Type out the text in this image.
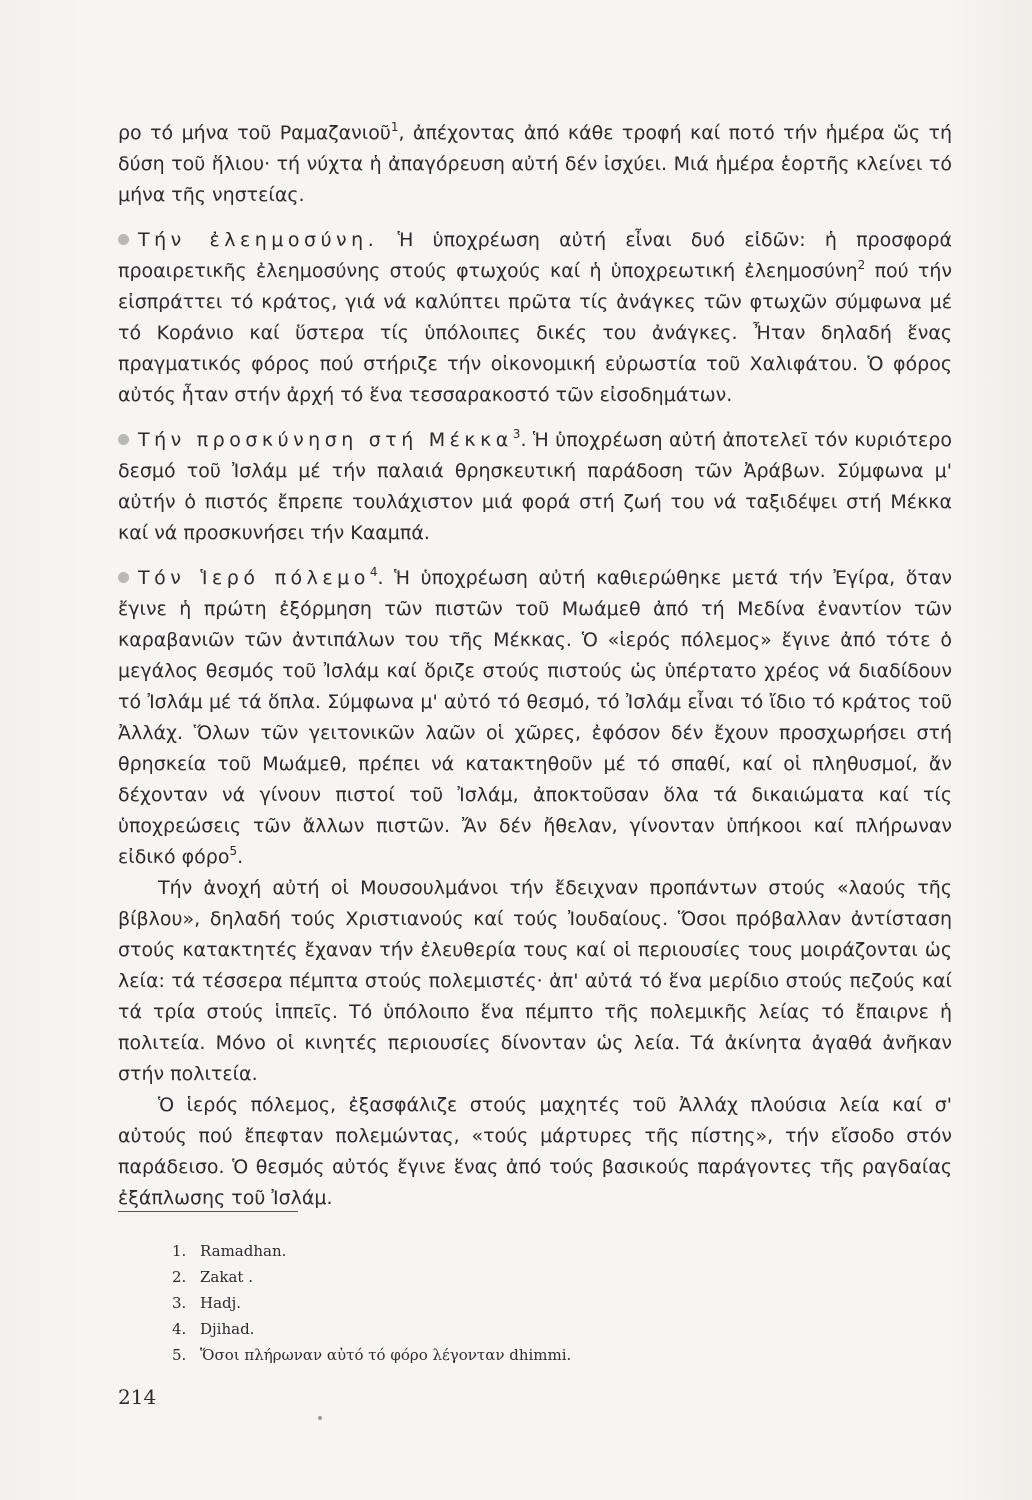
ρο τό μήνα τοῦ Ραμαζανιοῦ$^1$, ἀπέχοντας ἀπό κάθε τροφή καί ποτό τήν ἡμέρα ὥς τή δύση τοῦ ἥλιου· τή νύχτα ἡ ἀπαγόρευση αὐτή δέν ἰσχύει. Μιά ἡμέρα ἑορτῆς κλείνει τό μήνα τῆς νηστείας.

Τήν ἐλεημοσύνη. Ἡ ὑποχρέωση αὐτή εἶναι δυό εἰδῶν: ἡ προσφορά προαιρετικῆς ἐλεημοσύνης στούς φτωχούς καί ἡ ὑποχρεωτική ἐλεημοσύνη$^2$ πού τήν εἰσπράττει τό κράτος, γιά νά καλύπτει πρῶτα τίς ἀνάγκες τῶν φτωχῶν σύμφωνα μέ τό Κοράνιο καί ὕστερα τίς ὑπόλοιπες δικές του ἀνάγκες. Ἦταν δηλαδή ἕνας πραγματικός φόρος πού στήριζε τήν οἰκονομική εὐρωστία τοῦ Χαλιφάτου. Ὁ φόρος αὐτός ἦταν στήν ἀρχή τό ἕνα τεσσαρακοστό τῶν εἰσοδημάτων.

Τήν προσκύνηση στή Μέκκα$^3$. Ἡ ὑποχρέωση αὐτή ἀποτελεῖ τόν κυριότερο δεσμό τοῦ Ἰσλάμ μέ τήν παλαιά θρησκευτική παράδοση τῶν Ἀράβων. Σύμφωνα μ' αὐτήν ὁ πιστός ἔπρεπε τουλάχιστον μιά φορά στή ζωή του νά ταξιδέψει στή Μέκκα καί νά προσκυνήσει τήν Κααμπά.

Τόν Ἱερό πόλεμο$^4$. Ἡ ὑποχρέωση αὐτή καθιερώθηκε μετά τήν Ἐγίρα, ὅταν ἔγινε ἡ πρώτη ἐξόρμηση τῶν πιστῶν τοῦ Μωάμεθ ἀπό τή Μεδίνα ἐναντίον τῶν καραβανιῶν τῶν ἀντιπάλων του τῆς Μέκκας. Ὁ «ἱερός πόλεμος» ἔγινε ἀπό τότε ὁ μεγάλος θεσμός τοῦ Ἰσλάμ καί ὅριζε στούς πιστούς ὡς ὑπέρτατο χρέος νά διαδίδουν τό Ἰσλάμ μέ τά ὅπλα. Σύμφωνα μ' αὐτό τό θεσμό, τό Ἰσλάμ εἶναι τό ἴδιο τό κράτος τοῦ Ἀλλάχ. Ὅλων τῶν γειτονικῶν λαῶν οἱ χῶρες, ἐφόσον δέν ἔχουν προσχωρήσει στή θρησκεία τοῦ Μωάμεθ, πρέπει νά κατακτηθοῦν μέ τό σπαθί, καί οἱ πληθυσμοί, ἄν δέχονταν νά γίνουν πιστοί τοῦ Ἰσλάμ, ἀποκτοῦσαν ὅλα τά δικαιώματα καί τίς ὑποχρεώσεις τῶν ἄλλων πιστῶν. Ἄν δέν ἤθελαν, γίνονταν ὑπήκοοι καί πλήρωναν εἰδικό φόρο$^5$.

Τήν ἀνοχή αὐτή οἱ Μουσουλμάνοι τήν ἔδειχναν προπάντων στούς «λαούς τῆς βίβλου», δηλαδή τούς Χριστιανούς καί τούς Ἰουδαίους. Ὅσοι πρόβαλλαν ἀντίσταση στούς κατακτητές ἔχαναν τήν ἐλευθερία τους καί οἱ περιουσίες τους μοιράζονται ὡς λεία: τά τέσσερα πέμπτα στούς πολεμιστές· ἀπ' αὐτά τό ἕνα μερίδιο στούς πεζούς καί τά τρία στούς ἱππεῖς. Τό ὑπόλοιπο ἕνα πέμπτο τῆς πολεμικῆς λείας τό ἔπαιρνε ἡ πολιτεία. Μόνο οἱ κινητές περιουσίες δίνονταν ὡς λεία. Τά ἀκίνητα ἀγαθά ἀνῆκαν στήν πολιτεία.

Ὁ ἱερός πόλεμος, ἐξασφάλιζε στούς μαχητές τοῦ Ἀλλάχ πλούσια λεία καί σ' αὐτούς πού ἔπεφταν πολεμώντας, «τούς μάρτυρες τῆς πίστης», τήν εἴσοδο στόν παράδεισο. Ὁ θεσμός αὐτός ἔγινε ἕνας ἀπό τούς βασικούς παράγοντες τῆς ραγδαίας ἐξάπλωσης τοῦ Ἰσλάμ.

1. Ramadhan.

2. Zakat .

3. Hadj.

4. Djihad.

5. Ὅσοι πλήρωναν αὐτό τό φόρο λέγονταν dhimmi.

214
